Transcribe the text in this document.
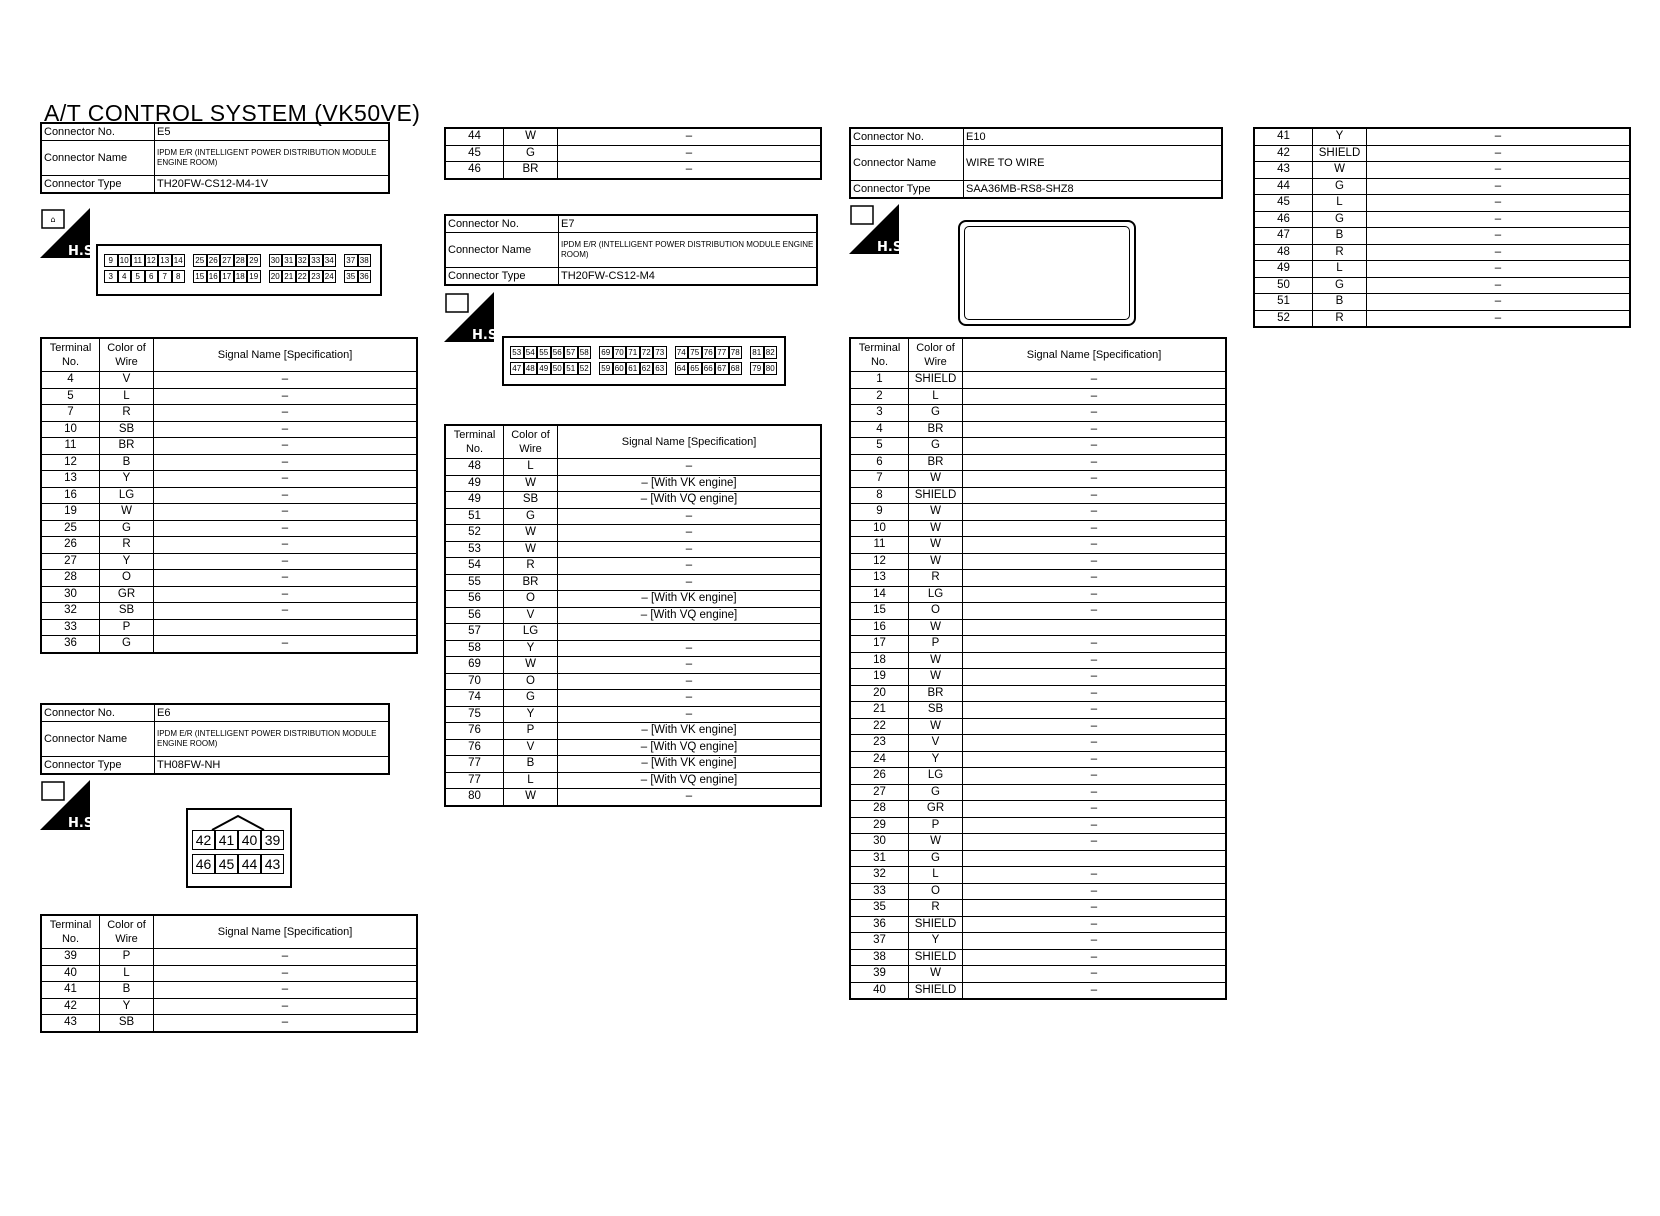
A/T CONTROL SYSTEM (VK50VE)
Connector No.	E5
Connector Name	IPDM E/R (INTELLIGENT POWER DISTRIBUTION MODULE ENGINE ROOM)
Connector Type	TH20FW-CS12-M4-1V
⌂
H.S.
9 10 11 12 13 14 25 26 27 28 29 30 31 32 33 34 37 38
3	4	5	6	7	8	15 16 17 18 19 20 21 22 23 24 35 36
Terminal No.	Color of Wire	Signal Name [Specification]
4	V	–
5	L	–
7	R	–
10	SB	–
11	BR	–
12	B	–
13	Y	–
16	LG	–
19	W	–
25	G	–
26	R	–
27	Y	–
28	O	–
30	GR	–
32	SB	–
33	P	
36	G	–
Connector No.	E6
Connector Name	IPDM E/R (INTELLIGENT POWER DISTRIBUTION MODULE ENGINE ROOM)
Connector Type	TH08FW-NH
H.S.
42 41 40 39
46 45 44 43
Terminal No.	Color of Wire	Signal Name [Specification]
39	P	–
40	L	–
41	B	–
42	Y	–
43	SB	–
44	W	–
45	G	–
46	BR	–
Connector No.	E7
Connector Name	IPDM E/R (INTELLIGENT POWER DISTRIBUTION MODULE ENGINE ROOM)
Connector Type	TH20FW-CS12-M4
H.S.
53 54 55 56 57 58 69 70 71 72 73 74 75 76 77 78 81 82
47 48 49 50 51 52 59 60 61 62 63 64 65 66 67 68 79 80
Terminal No.	Color of Wire	Signal Name [Specification]
48	L	–
49	W	– [With VK engine]
49	SB	– [With VQ engine]
51	G	–
52	W	–
53	W	–
54	R	–
55	BR	–
56	O	– [With VK engine]
56	V	– [With VQ engine]
57	LG	
58	Y	–
69	W	–
70	O	–
74	G	–
75	Y	–
76	P	– [With VK engine]
76	V	– [With VQ engine]
77	B	– [With VK engine]
77	L	– [With VQ engine]
80	W	–
Connector No.	E10
Connector Name	WIRE TO WIRE
Connector Type	SAA36MB-RS8-SHZ8
H.S.
Terminal No.	Color of Wire	Signal Name [Specification]
1	SHIELD	–
2	L	–
3	G	–
4	BR	–
5	G	–
6	BR	–
7	W	–
8	SHIELD	–
9	W	–
10	W	–
11	W	–
12	W	–
13	R	–
14	LG	–
15	O	–
16	W	
17	P	–
18	W	–
19	W	–
20	BR	–
21	SB	–
22	W	–
23	V	–
24	Y	–
26	LG	–
27	G	–
28	GR	–
29	P	–
30	W	–
31	G	
32	L	–
33	O	–
35	R	–
36	SHIELD	–
37	Y	–
38	SHIELD	–
39	W	–
40	SHIELD	–
41	Y	–
42	SHIELD	–
43	W	–
44	G	–
45	L	–
46	G	–
47	B	–
48	R	–
49	L	–
50	G	–
51	B	–
52	R	–
